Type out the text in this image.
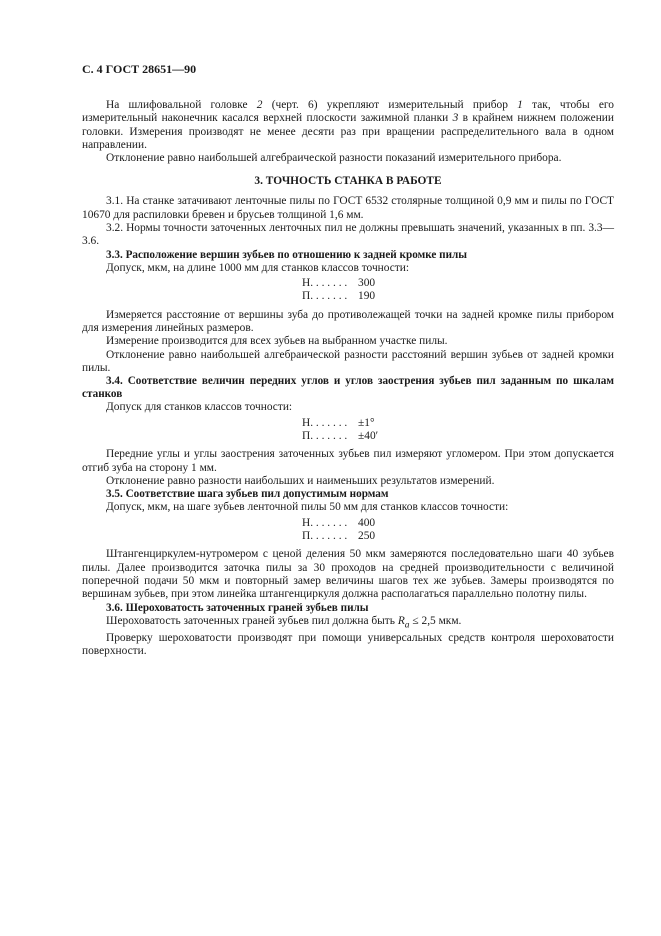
С. 4 ГОСТ 28651—90

На шлифовальной головке 2 (черт. 6) укрепляют измерительный прибор 1 так, чтобы его измерительный наконечник касался верхней плоскости зажимной планки 3 в крайнем нижнем положении головки. Измерения производят не менее десяти раз при вращении распределительного вала в одном направлении.

Отклонение равно наибольшей алгебраической разности показаний измерительного прибора.

3. ТОЧНОСТЬ СТАНКА В РАБОТЕ

3.1. На станке затачивают ленточные пилы по ГОСТ 6532 столярные толщиной 0,9 мм и пилы по ГОСТ 10670 для распиловки бревен и брусьев толщиной 1,6 мм.

3.2. Нормы точности заточенных ленточных пил не должны превышать значений, указанных в пп. 3.3—3.6.

3.3. Расположение вершин зубьев по отношению к задней кромке пилы

Допуск, мкм, на длине 1000 мм для станков классов точности:

Н. . . . . . . 300
П. . . . . . . 190

Измеряется расстояние от вершины зуба до противолежащей точки на задней кромке пилы прибором для измерения линейных размеров.

Измерение производится для всех зубьев на выбранном участке пилы.

Отклонение равно наибольшей алгебраической разности расстояний вершин зубьев от задней кромки пилы.

3.4. Соответствие величин передних углов и углов заострения зубьев пил заданным по шкалам станков

Допуск для станков классов точности:

Н. . . . . . . ±1°
П. . . . . . . ±40′

Передние углы и углы заострения заточенных зубьев пил измеряют угломером. При этом допускается отгиб зуба на сторону 1 мм.

Отклонение равно разности наибольших и наименьших результатов измерений.

3.5. Соответствие шага зубьев пил допустимым нормам

Допуск, мкм, на шаге зубьев ленточной пилы 50 мм для станков классов точности:

Н. . . . . . . 400
П. . . . . . . 250

Штангенциркулем-нутромером с ценой деления 50 мкм замеряются последовательно шаги 40 зубьев пилы. Далее производится заточка пилы за 30 проходов на средней производительности с величиной поперечной подачи 50 мкм и повторный замер величины шагов тех же зубьев. Замеры производятся по вершинам зубьев, при этом линейка штангенциркуля должна располагаться параллельно полотну пилы.

3.6. Шероховатость заточенных граней зубьев пилы

Шероховатость заточенных граней зубьев пил должна быть $R_a \le 2,5$ мкм.

Проверку шероховатости производят при помощи универсальных средств контроля шероховатости поверхности.
